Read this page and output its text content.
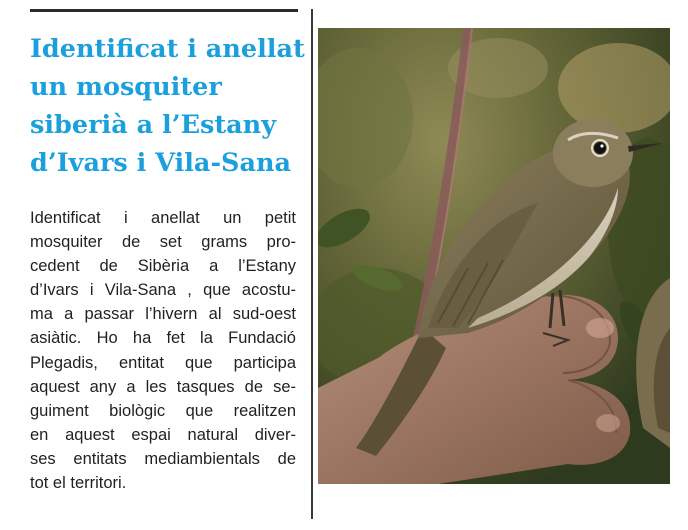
Identificat i anellat
un mosquiter
siberià a l’Estany
d’Ivars i Vila-Sana

Identificat i anellat un petit
mosquiter de set grams pro-
cedent de Sibèria a l’Estany
d’Ivars i Vila-Sana , que acostu-
ma a passar l’hivern al sud-oest
asiàtic. Ho ha fet la Fundació
Plegadis, entitat que participa
aquest any a les tasques de se-
guiment biològic que realitzen
en aquest espai natural diver-
ses entitats mediambientals de
tot el territori.
